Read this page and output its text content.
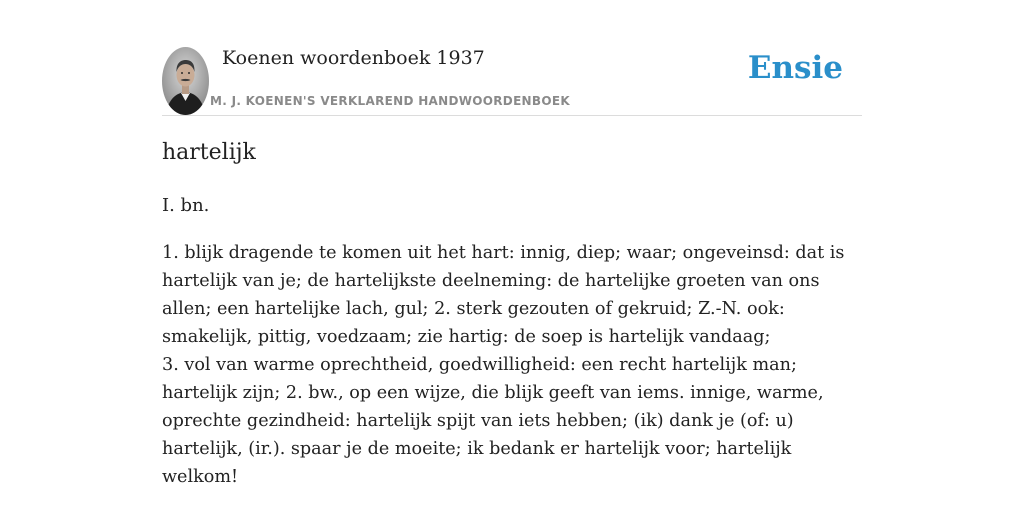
Koenen woordenboek 1937
M. J. KOENEN'S VERKLAREND HANDWOORDENBOEK
Ensie
hartelijk
I. bn.

1. blijk dragende te komen uit het hart: innig, diep; waar; ongeveinsd: dat is hartelijk van je; de hartelijkste deelneming: de hartelijke groeten van ons allen; een hartelijke lach, gul; 2. sterk gezouten of gekruid; Z.-N. ook: smakelijk, pittig, voedzaam; zie hartig: de soep is hartelijk vandaag;

3. vol van warme oprechtheid, goedwilligheid: een recht hartelijk man; hartelijk zijn; 2. bw., op een wijze, die blijk geeft van iems. innige, warme, oprechte gezindheid: hartelijk spijt van iets hebben; (ik) dank je (of: u) hartelijk, (ir.). spaar je de moeite; ik bedank er hartelijk voor; hartelijk welkom!
